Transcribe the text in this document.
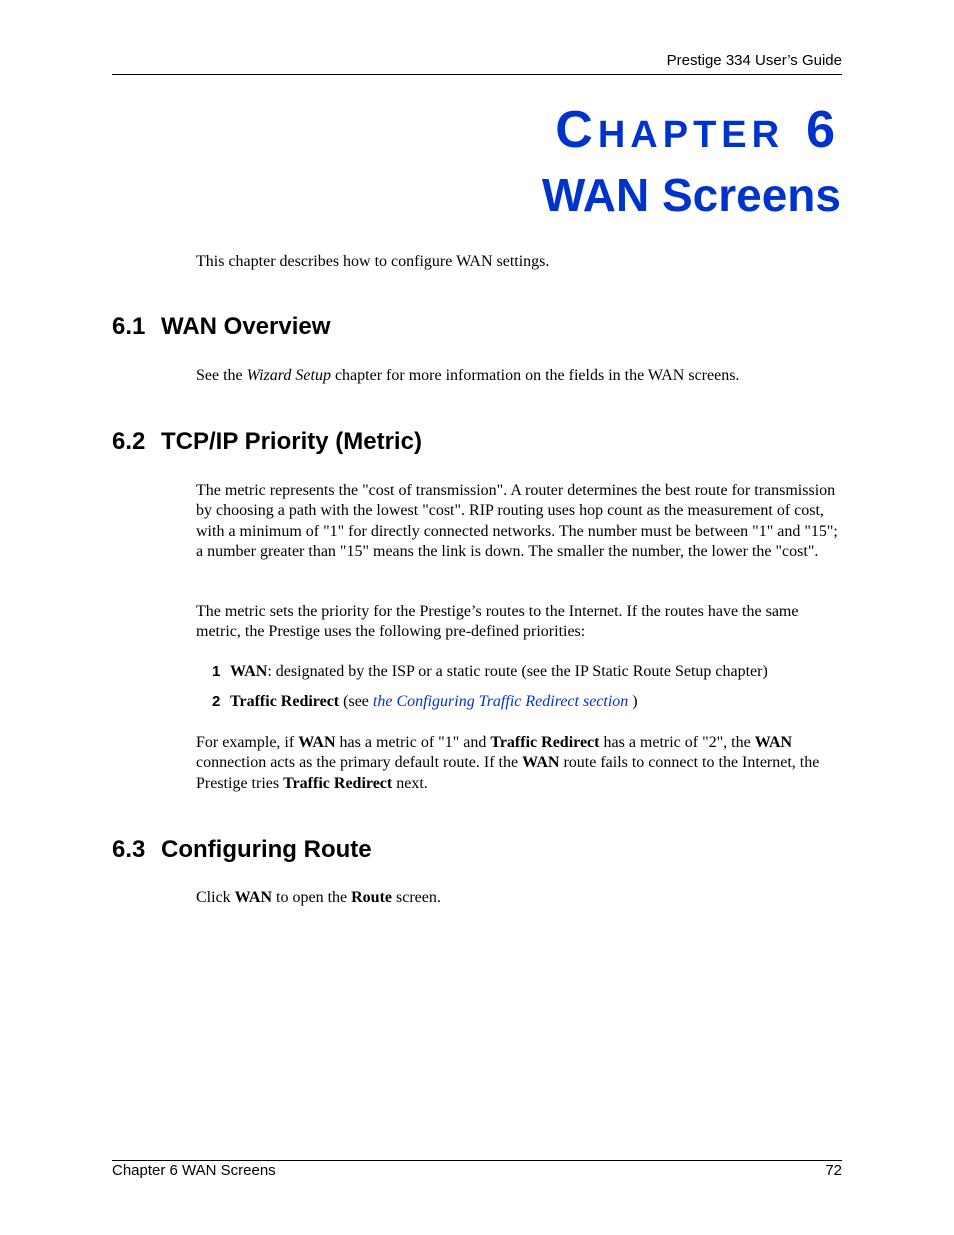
Prestige 334 User’s Guide
CHAPTER 6
WAN Screens

This chapter describes how to configure WAN settings.

6.1 WAN Overview

See the Wizard Setup chapter for more information on the fields in the WAN screens.

6.2 TCP/IP Priority (Metric)

The metric represents the "cost of transmission". A router determines the best route for transmission by choosing a path with the lowest "cost". RIP routing uses hop count as the measurement of cost, with a minimum of "1" for directly connected networks. The number must be between "1" and "15"; a number greater than "15" means the link is down. The smaller the number, the lower the "cost".

The metric sets the priority for the Prestige’s routes to the Internet. If the routes have the same metric, the Prestige uses the following pre-defined priorities:

1 WAN: designated by the ISP or a static route (see the IP Static Route Setup chapter)
2 Traffic Redirect (see the Configuring Traffic Redirect section )

For example, if WAN has a metric of "1" and Traffic Redirect has a metric of "2", the WAN connection acts as the primary default route. If the WAN route fails to connect to the Internet, the Prestige tries Traffic Redirect next.

6.3 Configuring Route

Click WAN to open the Route screen.

Chapter 6 WAN Screens	72
